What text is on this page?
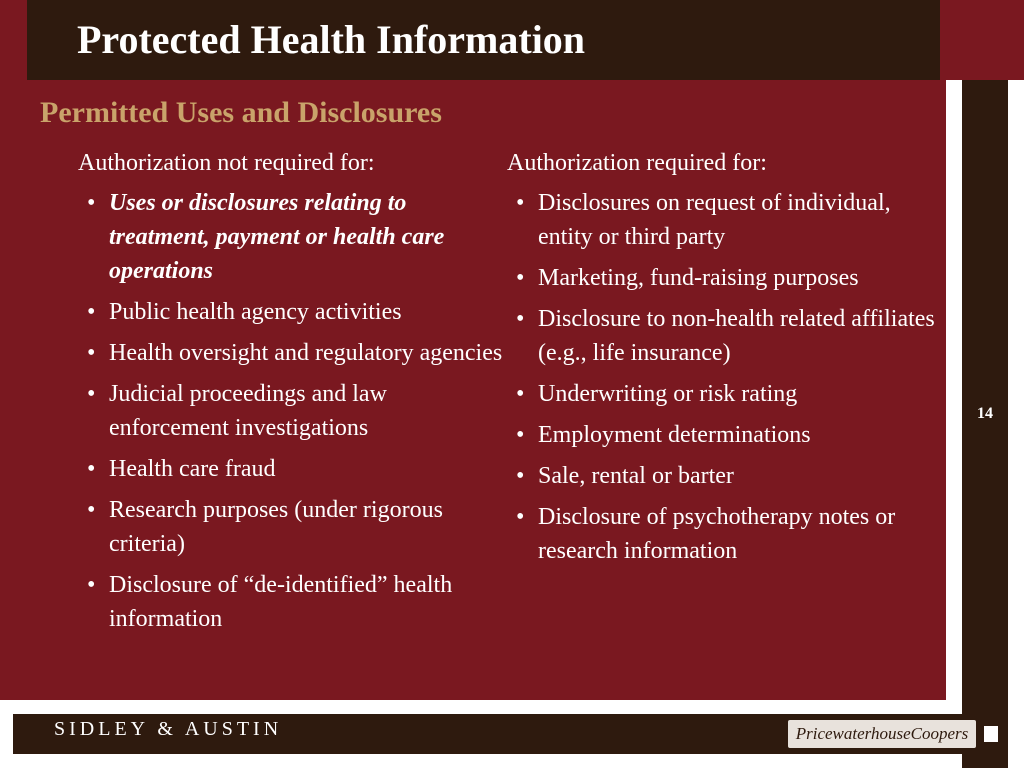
Protected Health Information
Permitted Uses and Disclosures
14

Authorization not required for:

• Uses or disclosures relating to treatment, payment or health care operations
• Public health agency activities
• Health oversight and regulatory agencies
• Judicial proceedings and law enforcement investigations
• Health care fraud
• Research purposes (under rigorous criteria)
• Disclosure of “de-identified” health information

Authorization required for:

• Disclosures on request of individual, entity or third party
• Marketing, fund-raising purposes
• Disclosure to non-health related affiliates (e.g., life insurance)
• Underwriting or risk rating
• Employment determinations
• Sale, rental or barter
• Disclosure of psychotherapy notes or research information
SIDLEY & AUSTIN	PricewaterhouseCoopers
